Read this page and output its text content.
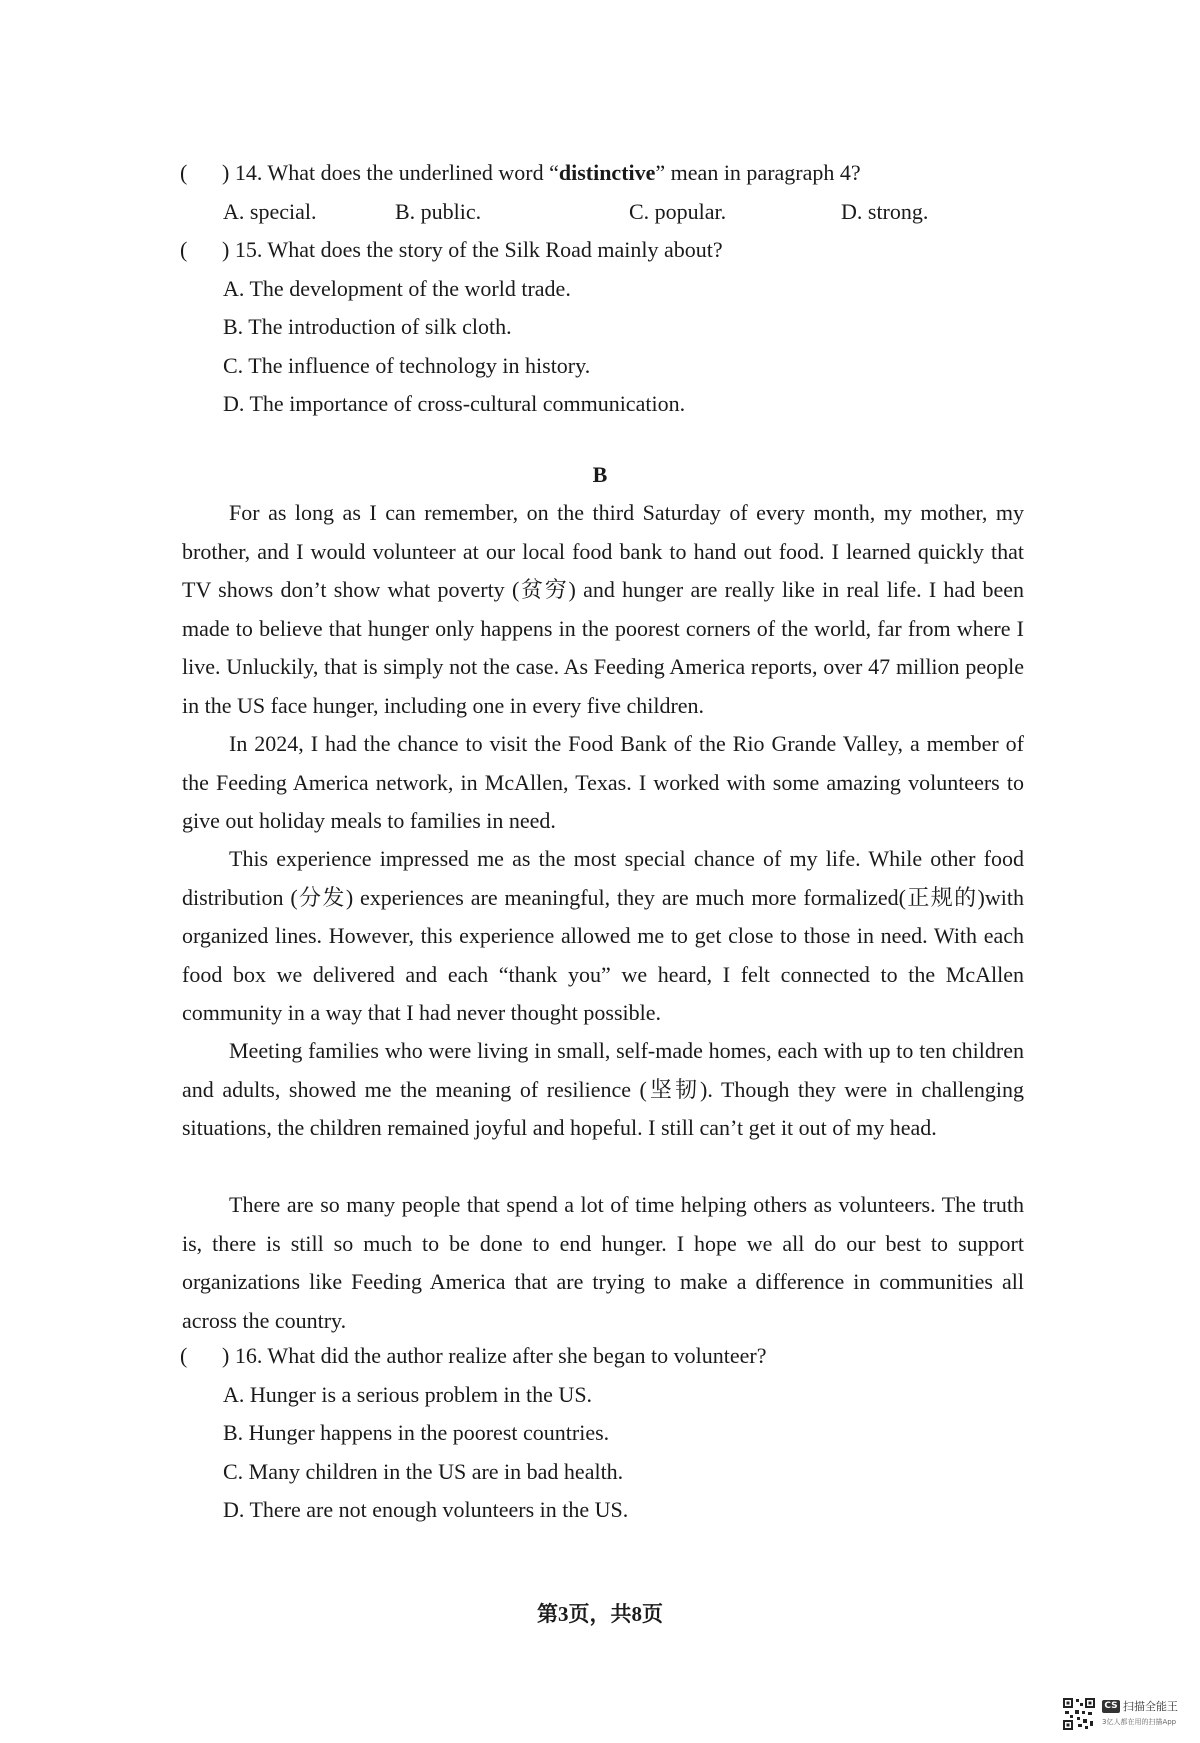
( ) 14. What does the underlined word “distinctive” mean in paragraph 4?
A. special.	B. public.	C. popular.	D. strong.
( ) 15. What does the story of the Silk Road mainly about?
A. The development of the world trade.
B. The introduction of silk cloth.
C. The influence of technology in history.
D. The importance of cross-cultural communication.
B

For as long as I can remember, on the third Saturday of every month, my mother, my brother, and I would volunteer at our local food bank to hand out food. I learned quickly that TV shows don’t show what poverty (贫穷) and hunger are really like in real life. I had been made to believe that hunger only happens in the poorest corners of the world, far from where I live. Unluckily, that is simply not the case. As Feeding America reports, over 47 million people in the US face hunger, including one in every five children.

In 2024, I had the chance to visit the Food Bank of the Rio Grande Valley, a member of the Feeding America network, in McAllen, Texas. I worked with some amazing volunteers to give out holiday meals to families in need.

This experience impressed me as the most special chance of my life. While other food distribution (分发) experiences are meaningful, they are much more formalized(正规的)with organized lines. However, this experience allowed me to get close to those in need. With each food box we delivered and each “thank you” we heard, I felt connected to the McAllen community in a way that I had never thought possible.

Meeting families who were living in small, self-made homes, each with up to ten children and adults, showed me the meaning of resilience (坚韧). Though they were in challenging situations, the children remained joyful and hopeful. I still can’t get it out of my head.

There are so many people that spend a lot of time helping others as volunteers. The truth is, there is still so much to be done to end hunger. I hope we all do our best to support organizations like Feeding America that are trying to make a difference in communities all across the country.

( ) 16. What did the author realize after she began to volunteer?
A. Hunger is a serious problem in the US.
B. Hunger happens in the poorest countries.
C. Many children in the US are in bad health.
D. There are not enough volunteers in the US.
第3页，共8页
CS 扫描全能王
3亿人都在用的扫描App
